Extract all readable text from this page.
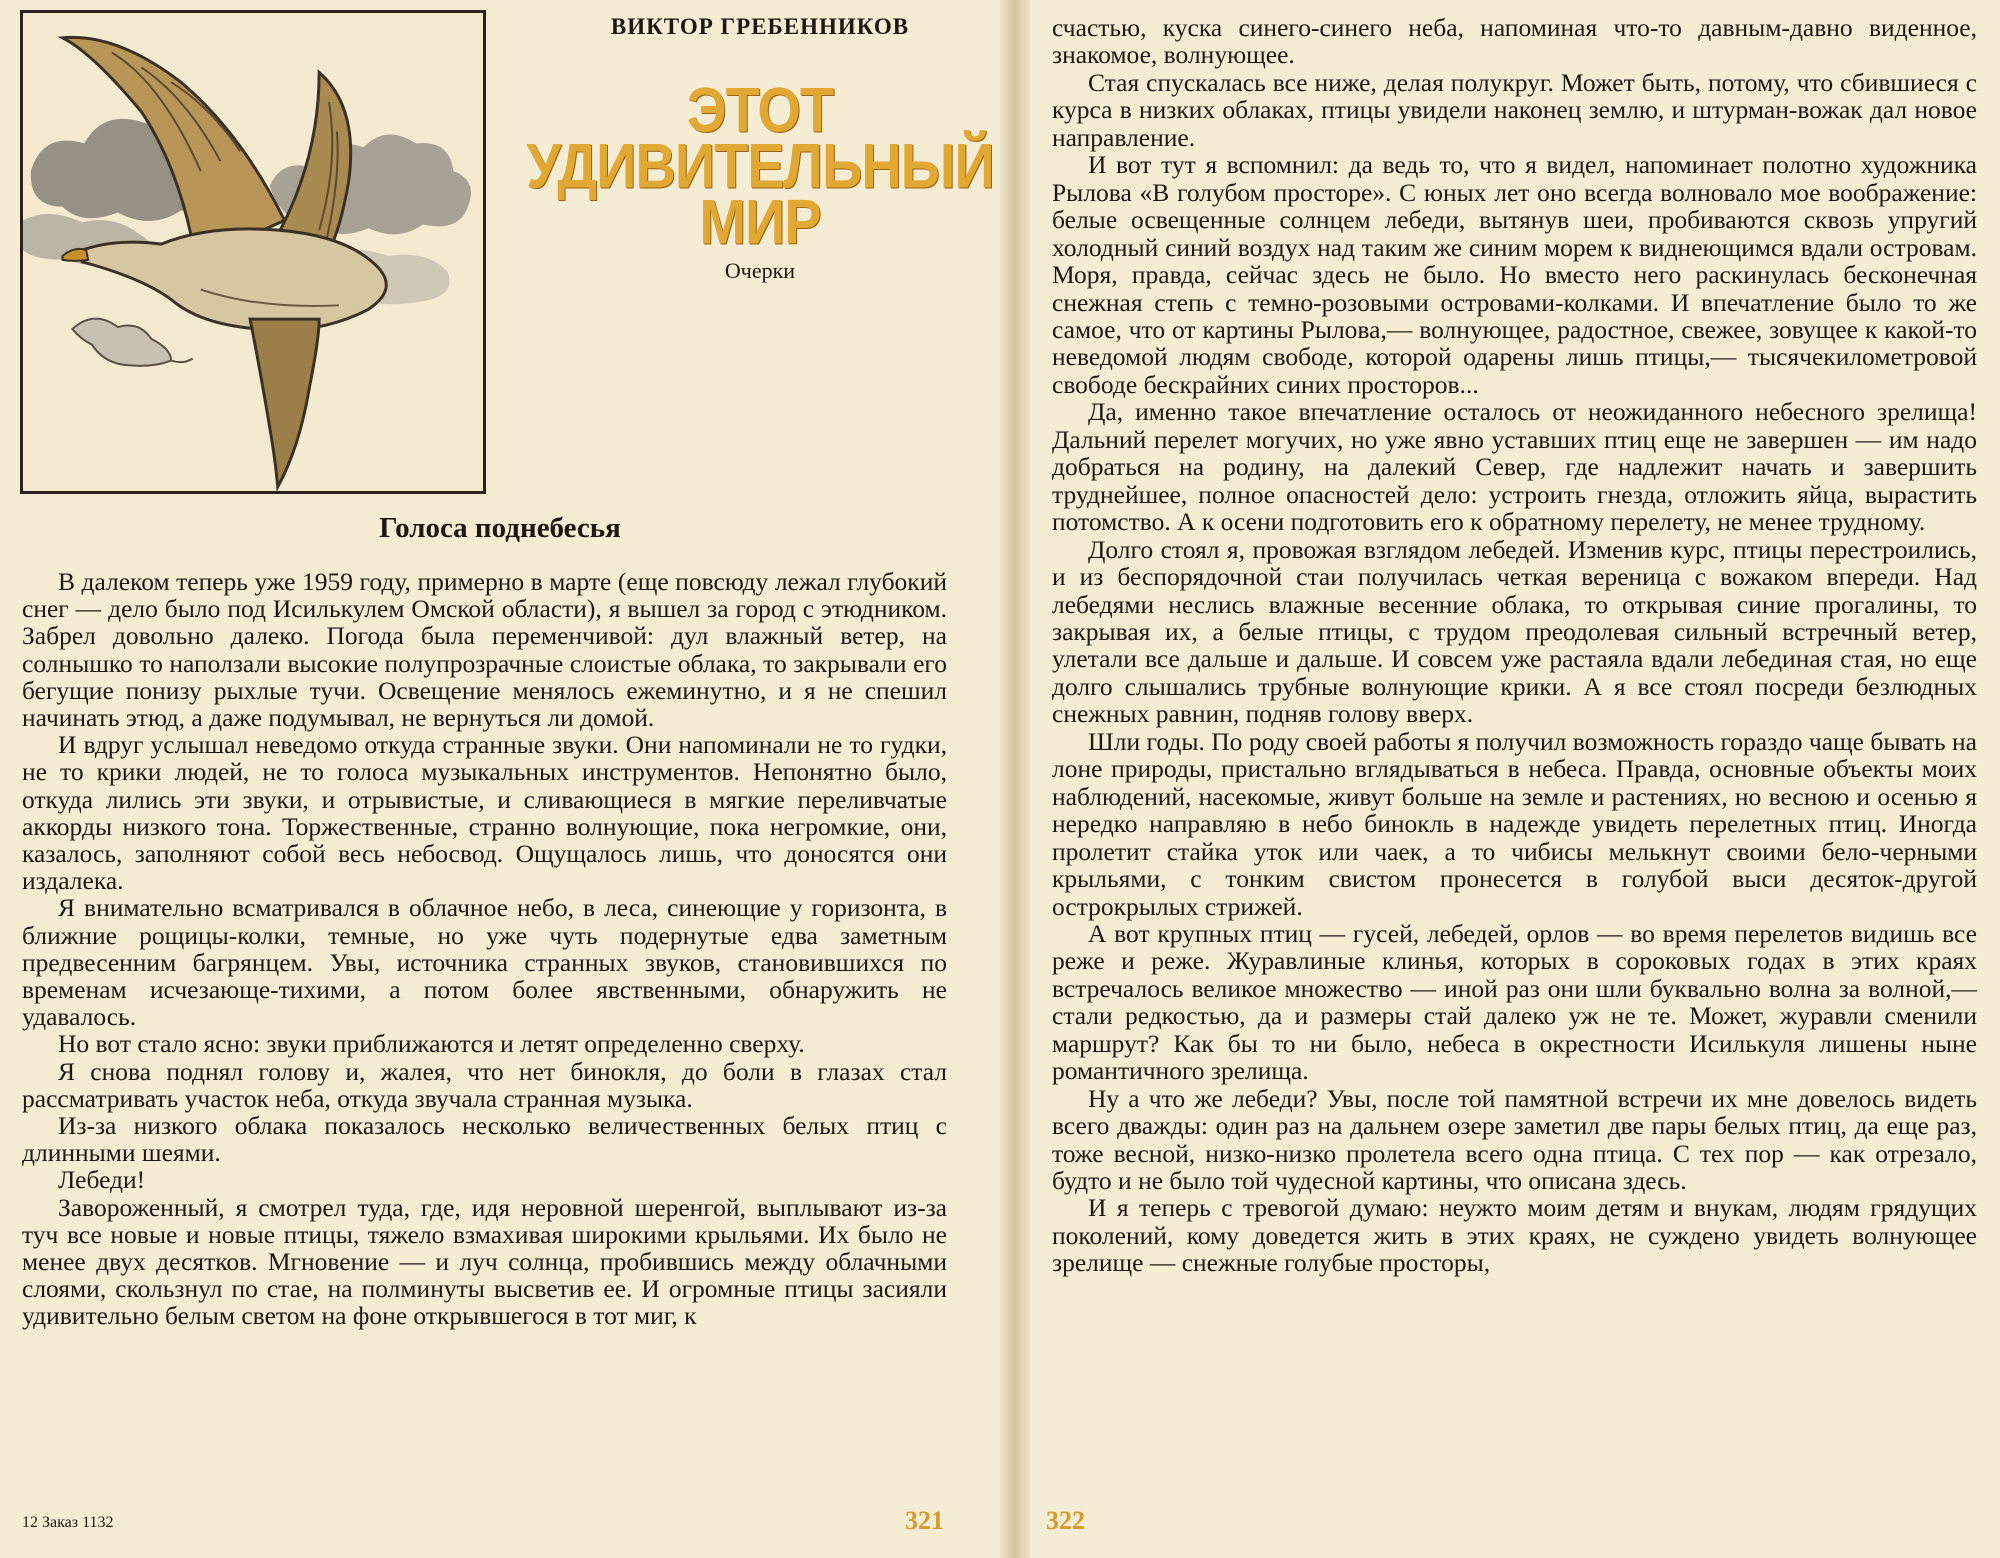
ВИКТОР ГРЕБЕННИКОВ
ЭТОТ
УДИВИТЕЛЬНЫЙ
МИР
Очерки
Голоса поднебесья

В далеком теперь уже 1959 году, примерно в марте (еще повсюду лежал глубокий снег — дело было под Исилькулем Омской области), я вышел за город с этюдником. Забрел довольно далеко. Погода была переменчивой: дул влажный ветер, на солнышко то наползали высокие полупрозрачные слоистые облака, то закрывали его бегущие понизу рыхлые тучи. Освещение менялось ежеминутно, и я не спешил начинать этюд, а даже подумывал, не вернуться ли домой.

И вдруг услышал неведомо откуда странные звуки. Они напоминали не то гудки, не то крики людей, не то голоса музыкальных инструментов. Непонятно было, откуда лились эти звуки, и отрывистые, и сливающиеся в мягкие переливчатые аккорды низкого тона. Торжественные, странно волнующие, пока негромкие, они, казалось, заполняют собой весь небосвод. Ощущалось лишь, что доносятся они издалека.

Я внимательно всматривался в облачное небо, в леса, синеющие у горизонта, в ближние рощицы-колки, темные, но уже чуть подернутые едва заметным предвесенним багрянцем. Увы, источника странных звуков, становившихся по временам исчезающе-тихими, а потом более явственными, обнаружить не удавалось.

Но вот стало ясно: звуки приближаются и летят определенно сверху.

Я снова поднял голову и, жалея, что нет бинокля, до боли в глазах стал рассматривать участок неба, откуда звучала странная музыка.

Из-за низкого облака показалось несколько величественных белых птиц с длинными шеями.

Лебеди!

Завороженный, я смотрел туда, где, идя неровной шеренгой, выплывают из-за туч все новые и новые птицы, тяжело взмахивая широкими крыльями. Их было не менее двух десятков. Мгновение — и луч солнца, пробившись между облачными слоями, скользнул по стае, на полминуты высветив ее. И огромные птицы засияли удивительно белым светом на фоне открывшегося в тот миг, к

12 Заказ 1132	321

счастью, куска синего-синего неба, напоминая что-то давным-давно виденное, знакомое, волнующее.

Стая спускалась все ниже, делая полукруг. Может быть, потому, что сбившиеся с курса в низких облаках, птицы увидели наконец землю, и штурман-вожак дал новое направление.

И вот тут я вспомнил: да ведь то, что я видел, напоминает полотно художника Рылова «В голубом просторе». С юных лет оно всегда волновало мое воображение: белые освещенные солнцем лебеди, вытянув шеи, пробиваются сквозь упругий холодный синий воздух над таким же синим морем к виднеющимся вдали островам. Моря, правда, сейчас здесь не было. Но вместо него раскинулась бесконечная снежная степь с темно-розовыми островами-колками. И впечатление было то же самое, что от картины Рылова,— волнующее, радостное, свежее, зовущее к какой-то неведомой людям свободе, которой одарены лишь птицы,— тысячекилометровой свободе бескрайних синих просторов...

Да, именно такое впечатление осталось от неожиданного небесного зрелища! Дальний перелет могучих, но уже явно уставших птиц еще не завершен — им надо добраться на родину, на далекий Север, где надлежит начать и завершить труднейшее, полное опасностей дело: устроить гнезда, отложить яйца, вырастить потомство. А к осени подготовить его к обратному перелету, не менее трудному.

Долго стоял я, провожая взглядом лебедей. Изменив курс, птицы перестроились, и из беспорядочной стаи получилась четкая вереница с вожаком впереди. Над лебедями неслись влажные весенние облака, то открывая синие прогалины, то закрывая их, а белые птицы, с трудом преодолевая сильный встречный ветер, улетали все дальше и дальше. И совсем уже растаяла вдали лебединая стая, но еще долго слышались трубные волнующие крики. А я все стоял посреди безлюдных снежных равнин, подняв голову вверх.

Шли годы. По роду своей работы я получил возможность гораздо чаще бывать на лоне природы, пристально вглядываться в небеса. Правда, основные объекты моих наблюдений, насекомые, живут больше на земле и растениях, но весною и осенью я нередко направляю в небо бинокль в надежде увидеть перелетных птиц. Иногда пролетит стайка уток или чаек, а то чибисы мелькнут своими бело-черными крыльями, с тонким свистом пронесется в голубой выси десяток-другой острокрылых стрижей.

А вот крупных птиц — гусей, лебедей, орлов — во время перелетов видишь все реже и реже. Журавлиные клинья, которых в сороковых годах в этих краях встречалось великое множество — иной раз они шли буквально волна за волной,— стали редкостью, да и размеры стай далеко уж не те. Может, журавли сменили маршрут? Как бы то ни было, небеса в окрестности Исилькуля лишены ныне романтичного зрелища.

Ну а что же лебеди? Увы, после той памятной встречи их мне довелось видеть всего дважды: один раз на дальнем озере заметил две пары белых птиц, да еще раз, тоже весной, низко-низко пролетела всего одна птица. С тех пор — как отрезало, будто и не было той чудесной картины, что описана здесь.

И я теперь с тревогой думаю: неужто моим детям и внукам, людям грядущих поколений, кому доведется жить в этих краях, не суждено увидеть волнующее зрелище — снежные голубые просторы,

322
